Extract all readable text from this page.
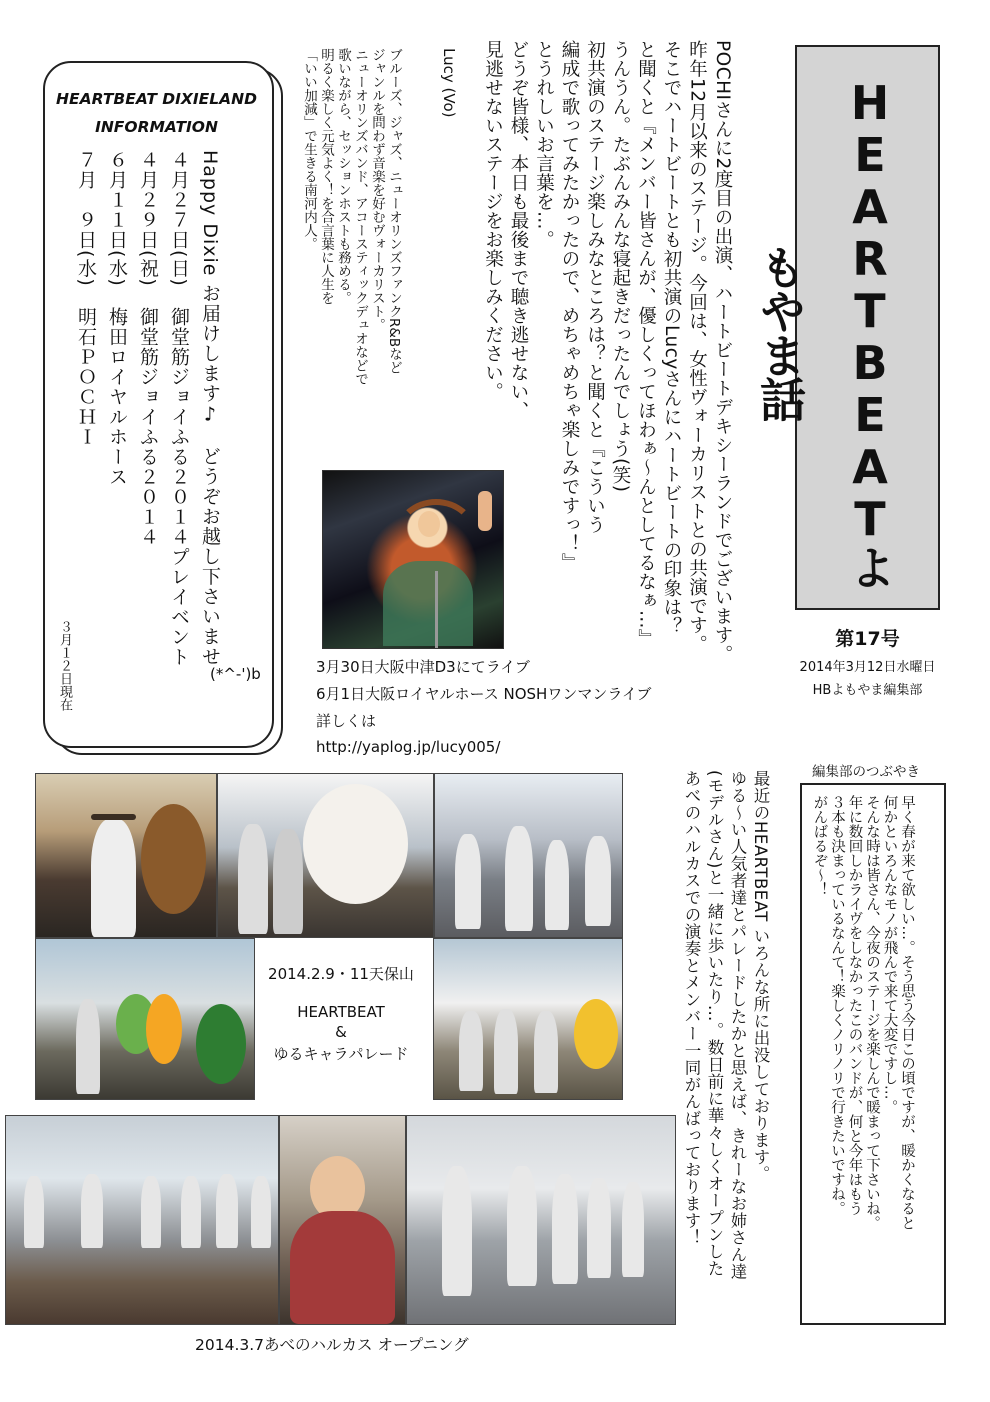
HEARTBEATよもやま話
第17号
2014年3月12日水曜日
HBよもやま編集部
POCHIさんに2度目の出演、ハートビートデキシーランドでございます。
昨年12月以来のステージ。今回は、女性ヴォーカリストとの共演です。
そこでハートビートとも初共演のLucyさんにハートビートの印象は？
と聞くと『メンバー皆さんが、優しくってほわぁ～んとしてるなぁ…』
うんうん。たぶんみんな寝起きだったんでしょう(笑)
初共演のステージ楽しみなところは？と聞くと『こういう
編成で歌ってみたかったので、めちゃめちゃ楽しみですっ！』
とうれしいお言葉を…。
どうぞ皆様、本日も最後まで聴き逃せない、
見逃せないステージをお楽しみください。
Lucy (Vo)
ブルーズ、ジャズ、ニューオリンズファンクR&Bなど
ジャンルを問わず音楽を好むヴォーカリスト。
ニューオリンズバンド、アコースティックデュオなどで
歌いながら、セッションホストも務める。
明るく楽しく元気よく！を合言葉に人生を
「いい加減」で生きる南河内人。
3月30日大阪中津D3にてライブ
6月1日大阪ロイヤルホース NOSHワンマンライブ
詳しくは
http://yaplog.jp/lucy005/
HEARTBEAT DIXIELAND
INFORMATION
Happy Dixie お届けします♪　どうぞお越し下さいませ
４月２７日(日)　御堂筋ジョイふる２０１４プレイベント
４月２９日(祝)　御堂筋ジョイふる２０１４
６月１１日(水)　梅田ロイヤルホース
７月　９日(水)　明石ＰＯＣＨＩ
(*^-')b
３月１２日現在
編集部のつぶやき
早く春が来て欲しい…。そう思う今日この頃ですが、暖かくなると
何かといろんなモノが飛んで来て大変ですし…。
そんな時は皆さん、今夜のステージを楽しんで暖まって下さいね。
年に数回しかライヴをしなかったこのバンドが、何と今年はもう
３本も決まっているなんて！楽しくノリノリで行きたいですね。
がんばるぞ～！
最近のHEARTBEAT いろんな所に出没しております。
ゆる～い人気者達とパレードしたかと思えば、きれーなお姉さん達
(モデルさん)と一緒に歩いたり…。数日前に華々しくオープンした
あべのハルカスでの演奏とメンバー一同がんばっております！
2014.2.9・11天保山
HEARTBEAT
&
ゆるキャラパレード
2014.3.7あべのハルカス オープニング
